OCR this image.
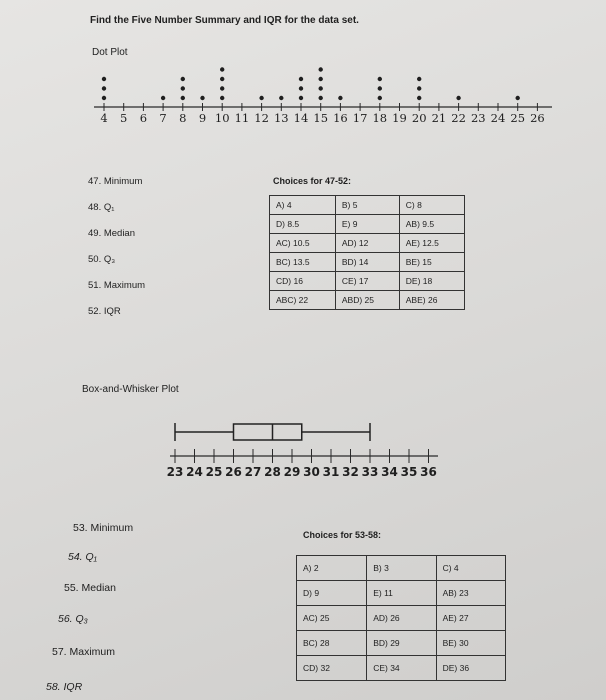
Find the Five Number Summary and IQR for the data set.
Dot Plot
4 5 6 7 8 9 10 11 12 13 14 15 16 17 18 19 20 21 22 23 24 25 26
47. Minimum
48. Q₁
49. Median
50. Q₃
51. Maximum
52. IQR
Choices for 47-52:
A) 4	B) 5	C) 8
D) 8.5	E) 9	AB) 9.5
AC) 10.5	AD) 12	AE) 12.5
BC) 13.5	BD) 14	BE) 15
CD) 16	CE) 17	DE) 18
ABC) 22	ABD) 25	ABE) 26
Box-and-Whisker Plot
23 24 25 26 27 28 29 30 31 32 33 34 35 36
53. Minimum
54. Q₁
55. Median
56. Q₃
57. Maximum
58. IQR
Choices for 53-58:
A) 2	B) 3	C) 4
D) 9	E) 11	AB) 23
AC) 25	AD) 26	AE) 27
BC) 28	BD) 29	BE) 30
CD) 32	CE) 34	DE) 36
